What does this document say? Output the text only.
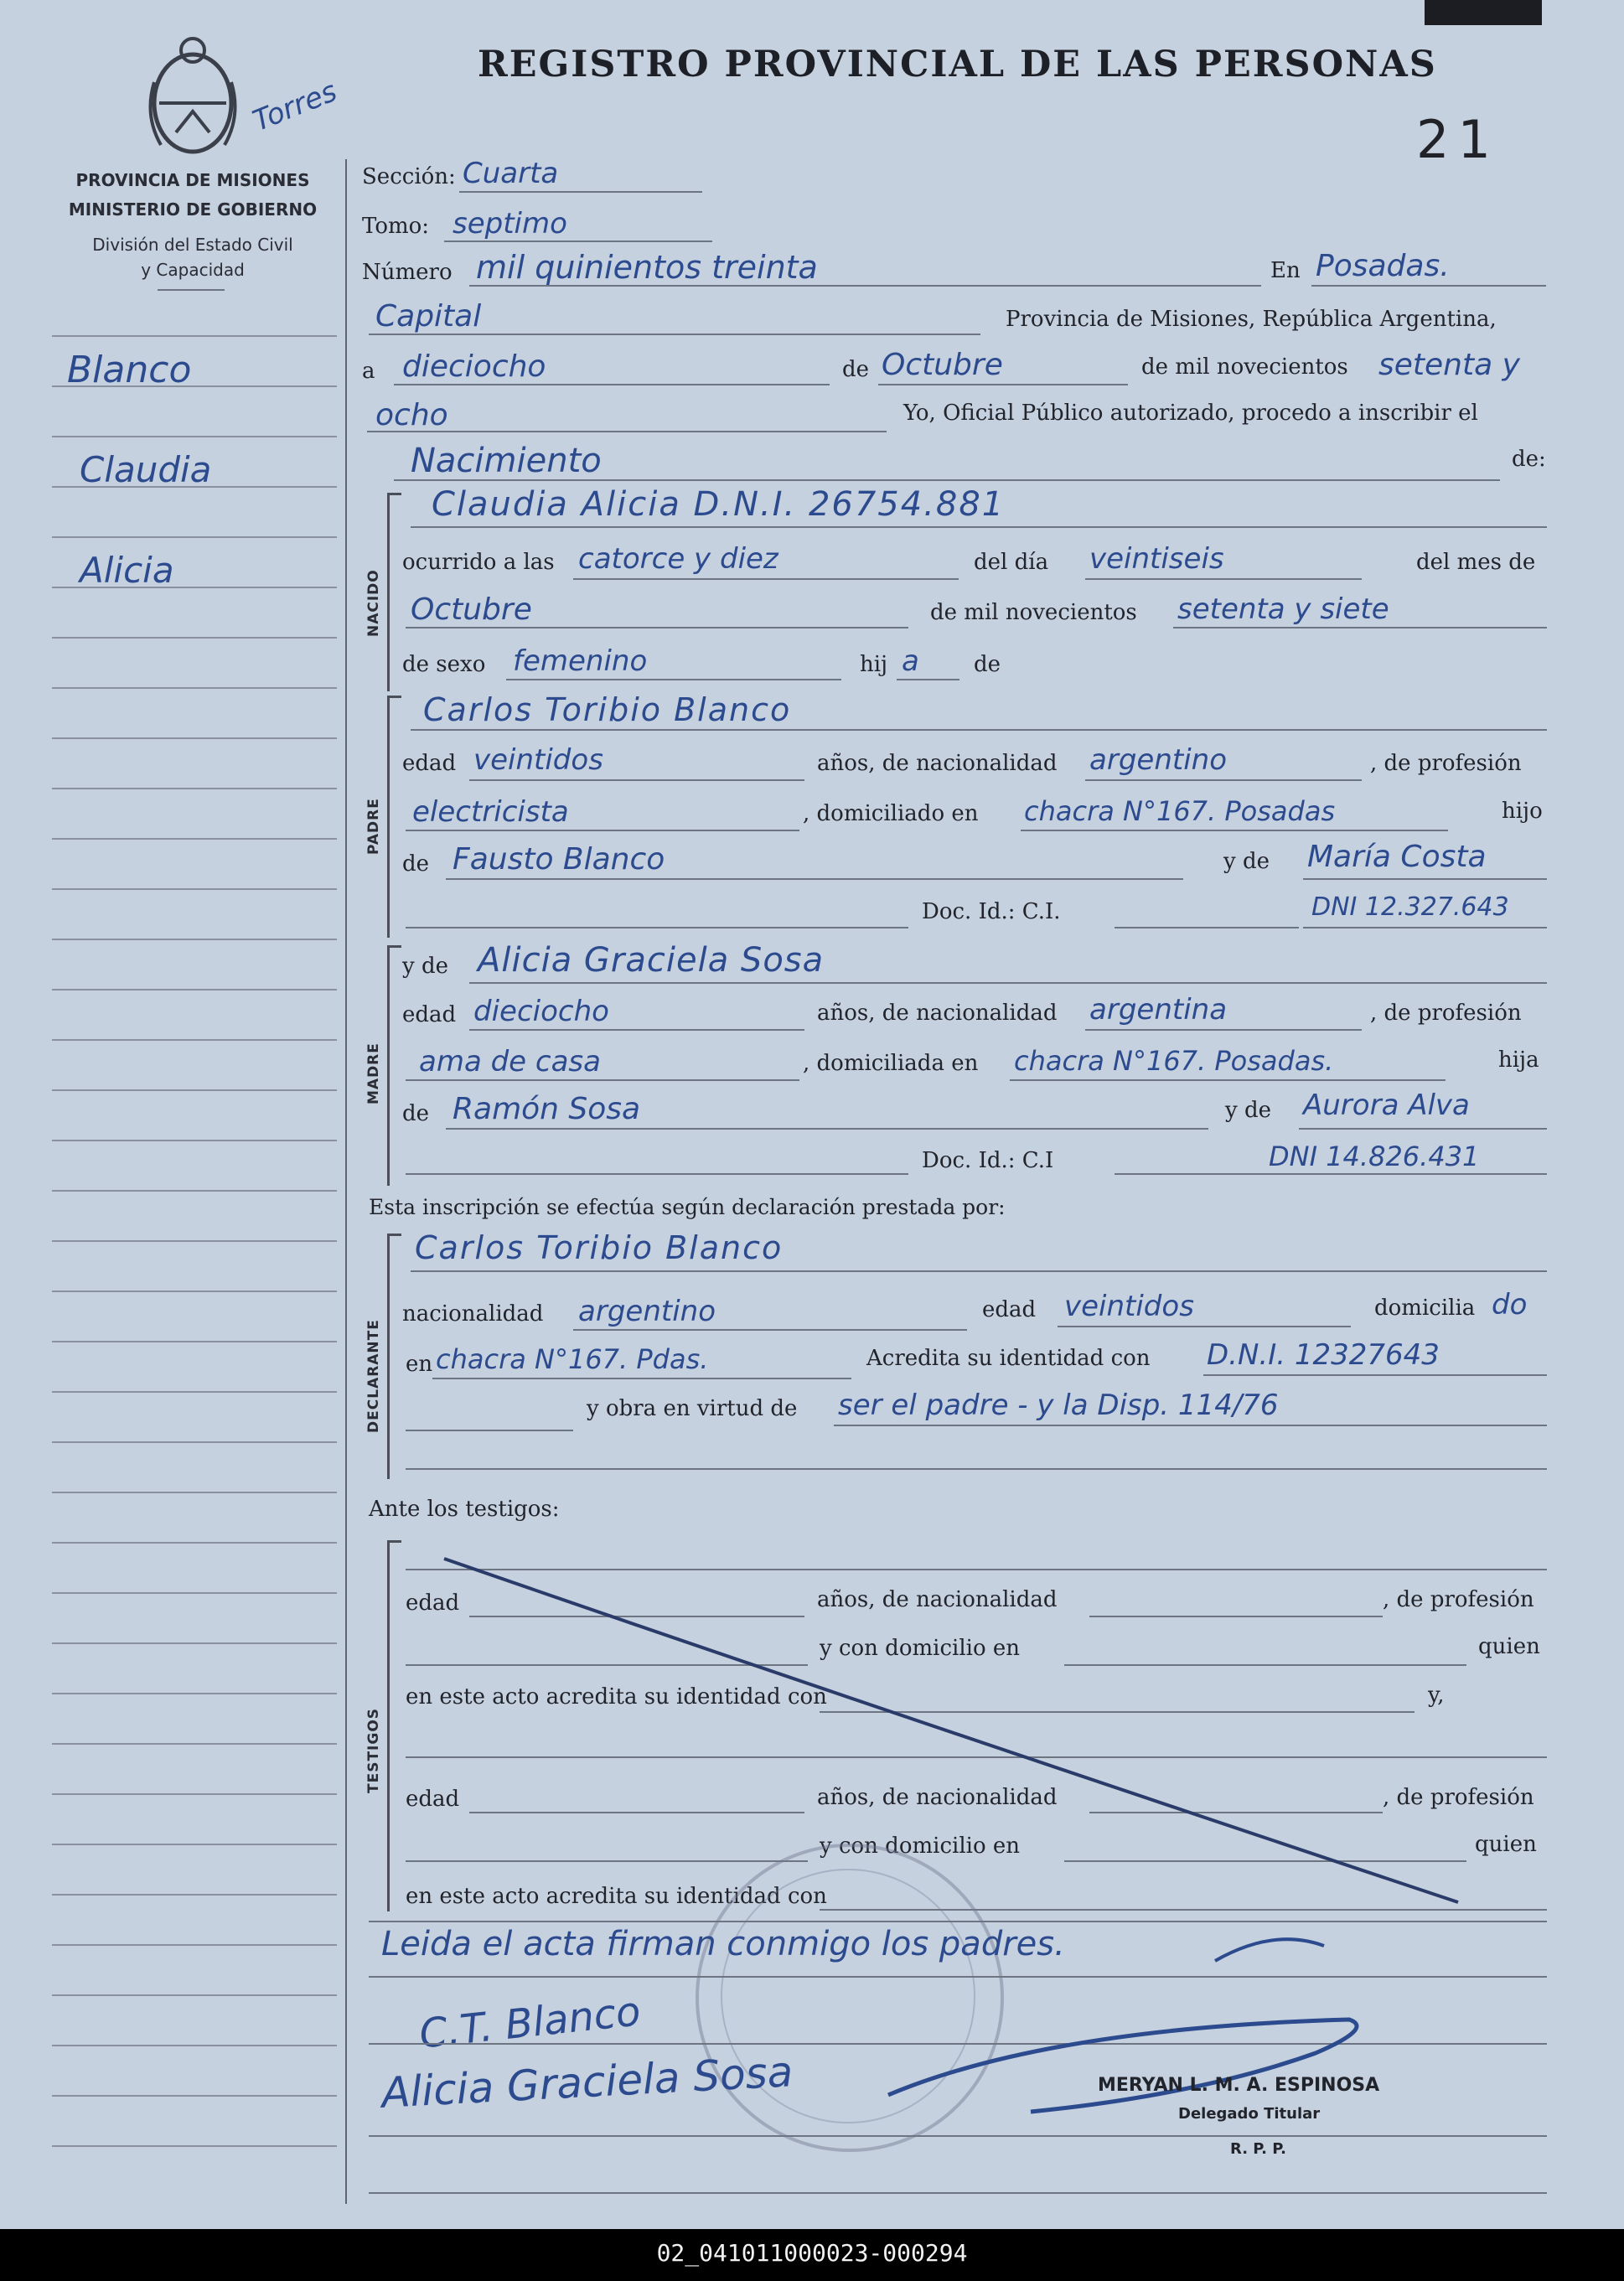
Torres
PROVINCIA DE MISIONES
MINISTERIO DE GOBIERNO
División del Estado Civil
y Capacidad
REGISTRO PROVINCIAL DE LAS PERSONAS
21
Blanco
Claudia
Alicia
Sección: Cuarta
Tomo: septimo
Número mil quinientos treinta	En Posadas.
Capital	Provincia de Misiones, República Argentina,
a dieciocho	de Octubre	de mil novecientos setenta y
ocho	Yo, Oficial Público autorizado, procedo a inscribir el
Nacimiento	de:
NACIDO
Claudia Alicia D.N.I. 26754.881
ocurrido a las catorce y diez	del día veintiseis	del mes de
Octubre	de mil novecientos setenta y siete
de sexo femenino	hij a	de
PADRE
Carlos Toribio Blanco
edad veintidos	años, de nacionalidad argentino	, de profesión
electricista	, domiciliado en chacra N°167. Posadas	hijo
de Fausto Blanco	y de María Costa
Doc. Id.: C.I.	DNI 12.327.643
MADRE
y de Alicia Graciela Sosa
edad dieciocho	años, de nacionalidad argentina	, de profesión
ama de casa	, domiciliada en chacra N°167. Posadas.	hija
de Ramón Sosa	y de Aurora Alva
Doc. Id.: C.I	DNI 14.826.431
Esta inscripción se efectúa según declaración prestada por:
DECLARANTE
Carlos Toribio Blanco
nacionalidad argentino	edad veintidos	domicilia do
en chacra N°167. Pdas.	Acredita su identidad con D.N.I. 12327643
y obra en virtud de ser el padre - y la Disp. 114/76
Ante los testigos:
TESTIGOS
edad	años, de nacionalidad	, de profesión
y con domicilio en	quien
en este acto acredita su identidad con	y,
edad	años, de nacionalidad	, de profesión
y con domicilio en	quien
en este acto acredita su identidad con
Leida el acta firman conmigo los padres.
C.T. Blanco
Alicia Graciela Sosa	MERYAN L. M. A. ESPINOSA
Delegado Titular
R. P. P.
02_041011000023-000294
